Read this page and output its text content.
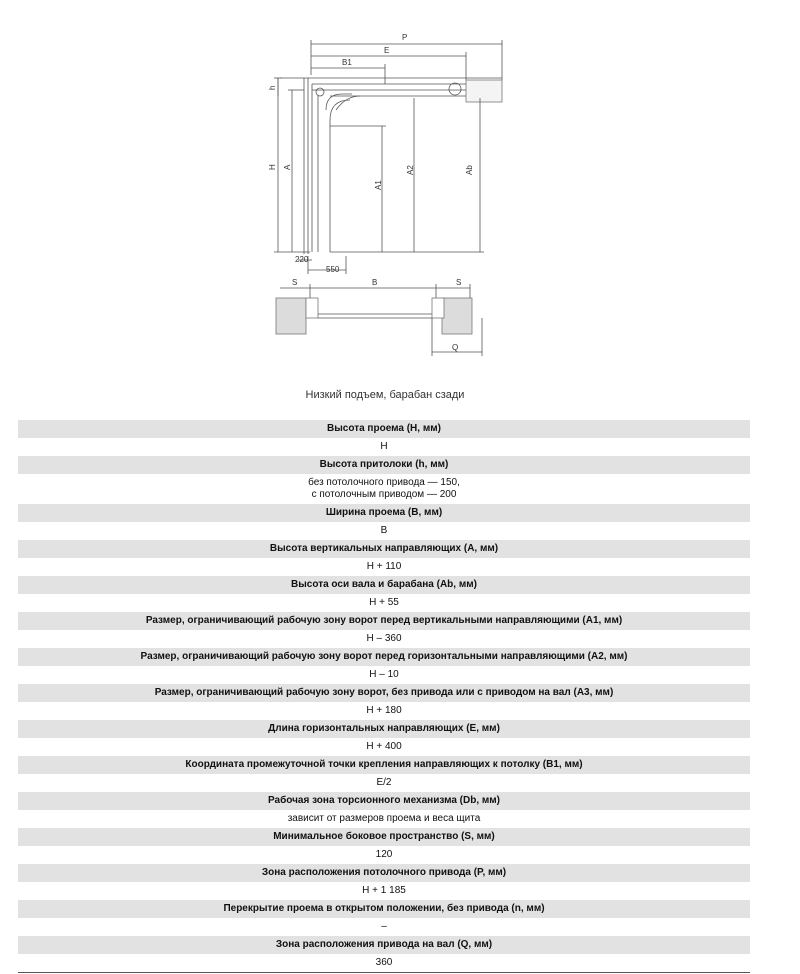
P
E
B1
h
H A
A1
A2	Ab
220
550
S	B	S
Q
Низкий подъем, барабан сзади
Высота проема (H, мм)
H
Высота притолоки (h, мм)
без потолочного привода — 150,
с потолочным приводом — 200
Ширина проема (B, мм)
B
Высота вертикальных направляющих (A, мм)
H + 110
Высота оси вала и барабана (Ab, мм)
H + 55
Размер, ограничивающий рабочую зону ворот перед вертикальными направляющими (A1, мм)
H – 360
Размер, ограничивающий рабочую зону ворот перед горизонтальными направляющими (A2, мм)
H – 10
Размер, ограничивающий рабочую зону ворот, без привода или с приводом на вал (A3, мм)
H + 180
Длина горизонтальных направляющих (E, мм)
H + 400
Координата промежуточной точки крепления направляющих к потолку (B1, мм)
E/2
Рабочая зона торсионного механизма (Db, мм)
зависит от размеров проема и веса щита
Минимальное боковое пространство (S, мм)
120
Зона расположения потолочного привода (P, мм)
H + 1 185
Перекрытие проема в открытом положении, без привода (n, мм)
–
Зона расположения привода на вал (Q, мм)
360
